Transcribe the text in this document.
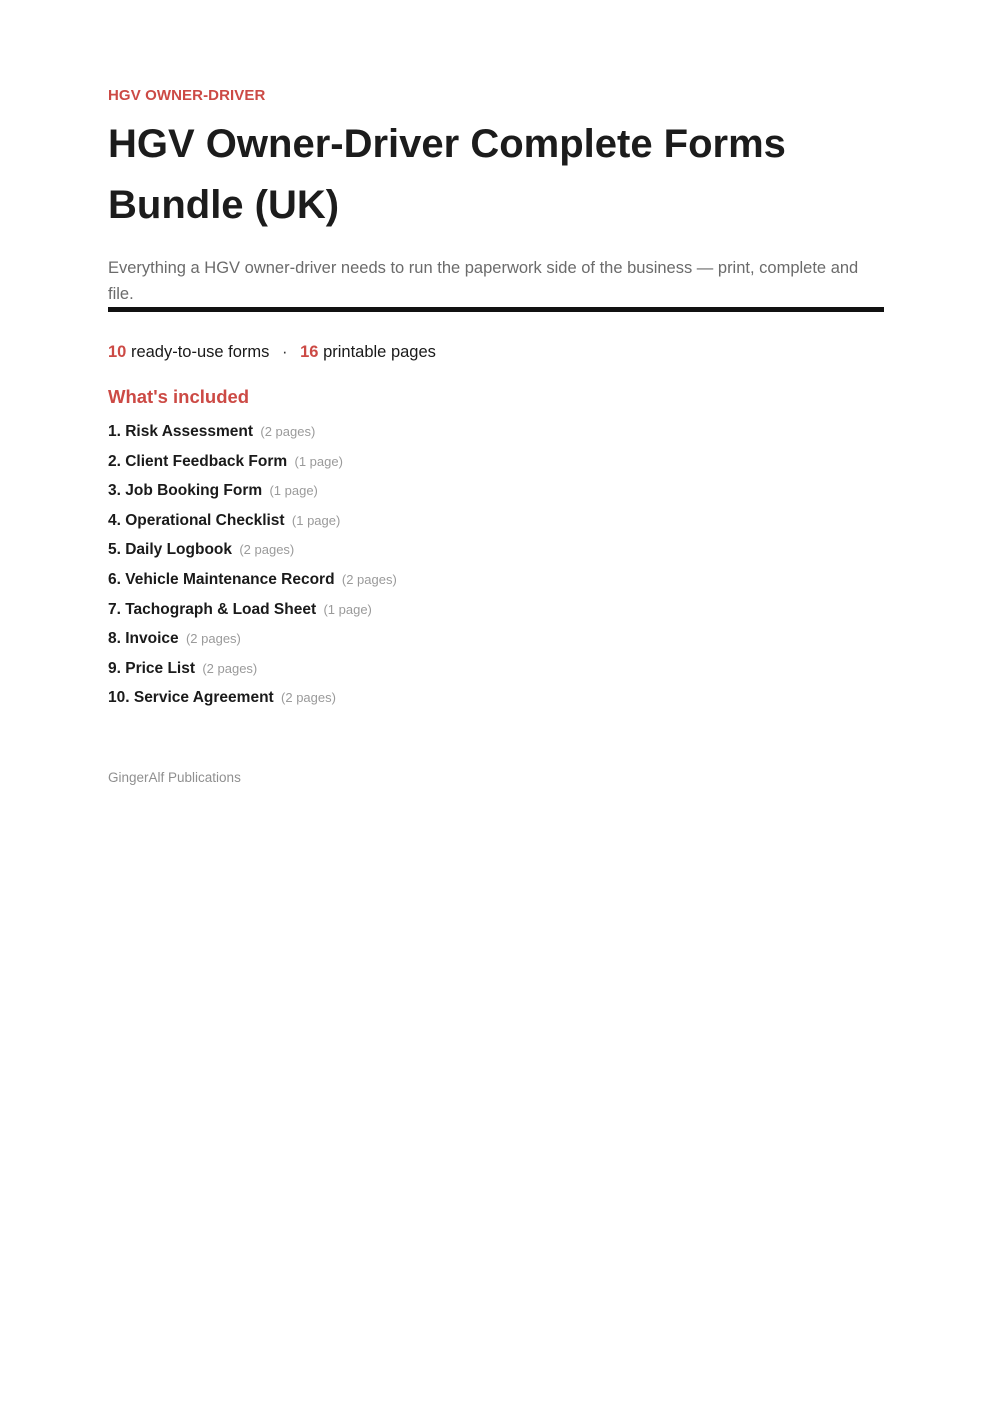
HGV OWNER-DRIVER
HGV Owner-Driver Complete Forms Bundle (UK)

Everything a HGV owner-driver needs to run the paperwork side of the business — print, complete and file.

10 ready-to-use forms · 16 printable pages
What's included
1. Risk Assessment (2 pages)
2. Client Feedback Form (1 page)
3. Job Booking Form (1 page)
4. Operational Checklist (1 page)
5. Daily Logbook (2 pages)
6. Vehicle Maintenance Record (2 pages)
7. Tachograph & Load Sheet (1 page)
8. Invoice (2 pages)
9. Price List (2 pages)
10. Service Agreement (2 pages)
GingerAlf Publications
